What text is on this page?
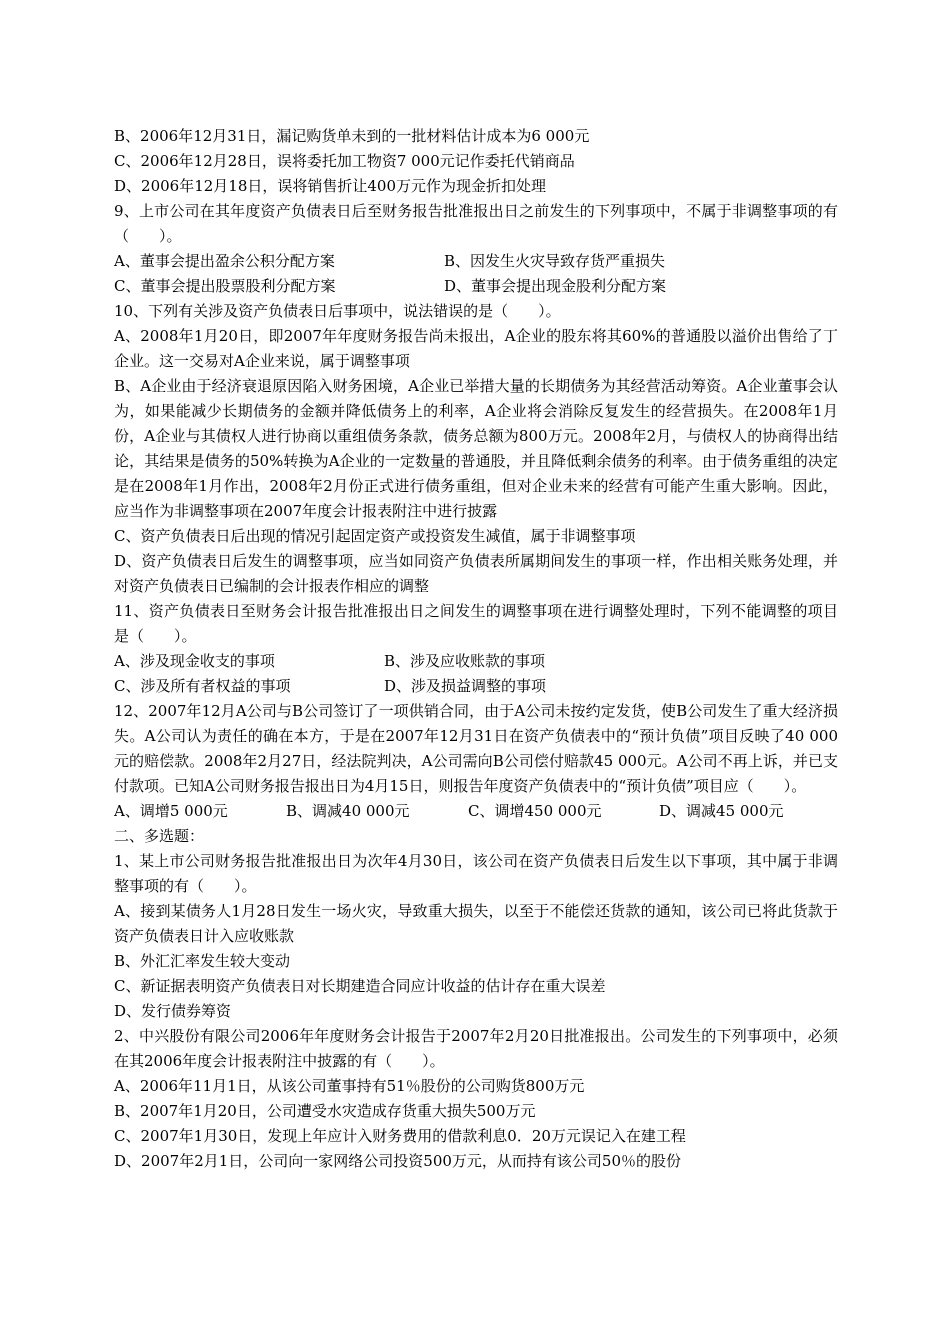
B、2006年12月31日，漏记购货单未到的一批材料估计成本为6 000元
C、2006年12月28日，误将委托加工物资7 000元记作委托代销商品
D、2006年12月18日，误将销售折让400万元作为现金折扣处理
9、上市公司在其年度资产负债表日后至财务报告批准报出日之前发生的下列事项中，不属于非调整事项的有（　　）。
A、董事会提出盈余公积分配方案	B、因发生火灾导致存货严重损失
C、董事会提出股票股利分配方案	D、董事会提出现金股利分配方案
10、下列有关涉及资产负债表日后事项中，说法错误的是（　　）。
A、2008年1月20日，即2007年年度财务报告尚未报出，A企业的股东将其60%的普通股以溢价出售给了丁企业。这一交易对A企业来说，属于调整事项
B、A企业由于经济衰退原因陷入财务困境，A企业已举措大量的长期债务为其经营活动筹资。A企业董事会认为，如果能减少长期债务的金额并降低债务上的利率，A企业将会消除反复发生的经营损失。在2008年1月份，A企业与其债权人进行协商以重组债务条款，债务总额为800万元。2008年2月，与债权人的协商得出结论，其结果是债务的50%转换为A企业的一定数量的普通股，并且降低剩余债务的利率。由于债务重组的决定是在2008年1月作出，2008年2月份正式进行债务重组，但对企业未来的经营有可能产生重大影响。因此，应当作为非调整事项在2007年度会计报表附注中进行披露
C、资产负债表日后出现的情况引起固定资产或投资发生减值，属于非调整事项
D、资产负债表日后发生的调整事项，应当如同资产负债表所属期间发生的事项一样，作出相关账务处理，并对资产负债表日已编制的会计报表作相应的调整
11、资产负债表日至财务会计报告批准报出日之间发生的调整事项在进行调整处理时，下列不能调整的项目是（　　）。
A、涉及现金收支的事项	B、涉及应收账款的事项
C、涉及所有者权益的事项	D、涉及损益调整的事项
12、2007年12月A公司与B公司签订了一项供销合同，由于A公司未按约定发货，使B公司发生了重大经济损失。A公司认为责任的确在本方，于是在2007年12月31日在资产负债表中的“预计负债”项目反映了40 000元的赔偿款。2008年2月27日，经法院判决，A公司需向B公司偿付赔款45 000元。A公司不再上诉，并已支付款项。已知A公司财务报告报出日为4月15日，则报告年度资产负债表中的“预计负债”项目应（　　）。
A、调增5 000元	B、调减40 000元	C、调增450 000元	D、调减45 000元
二、多选题：
1、某上市公司财务报告批准报出日为次年4月30日，该公司在资产负债表日后发生以下事项，其中属于非调整事项的有（　　）。
A、接到某债务人1月28日发生一场火灾，导致重大损失，以至于不能偿还货款的通知，该公司已将此货款于资产负债表日计入应收账款
B、外汇汇率发生较大变动
C、新证据表明资产负债表日对长期建造合同应计收益的估计存在重大误差
D、发行债券筹资
2、中兴股份有限公司2006年年度财务会计报告于2007年2月20日批准报出。公司发生的下列事项中，必须在其2006年度会计报表附注中披露的有（　　）。
A、2006年11月1日，从该公司董事持有51％股份的公司购货800万元
B、2007年1月20日，公司遭受水灾造成存货重大损失500万元
C、2007年1月30日，发现上年应计入财务费用的借款利息0．20万元误记入在建工程
D、2007年2月1日，公司向一家网络公司投资500万元，从而持有该公司50％的股份
